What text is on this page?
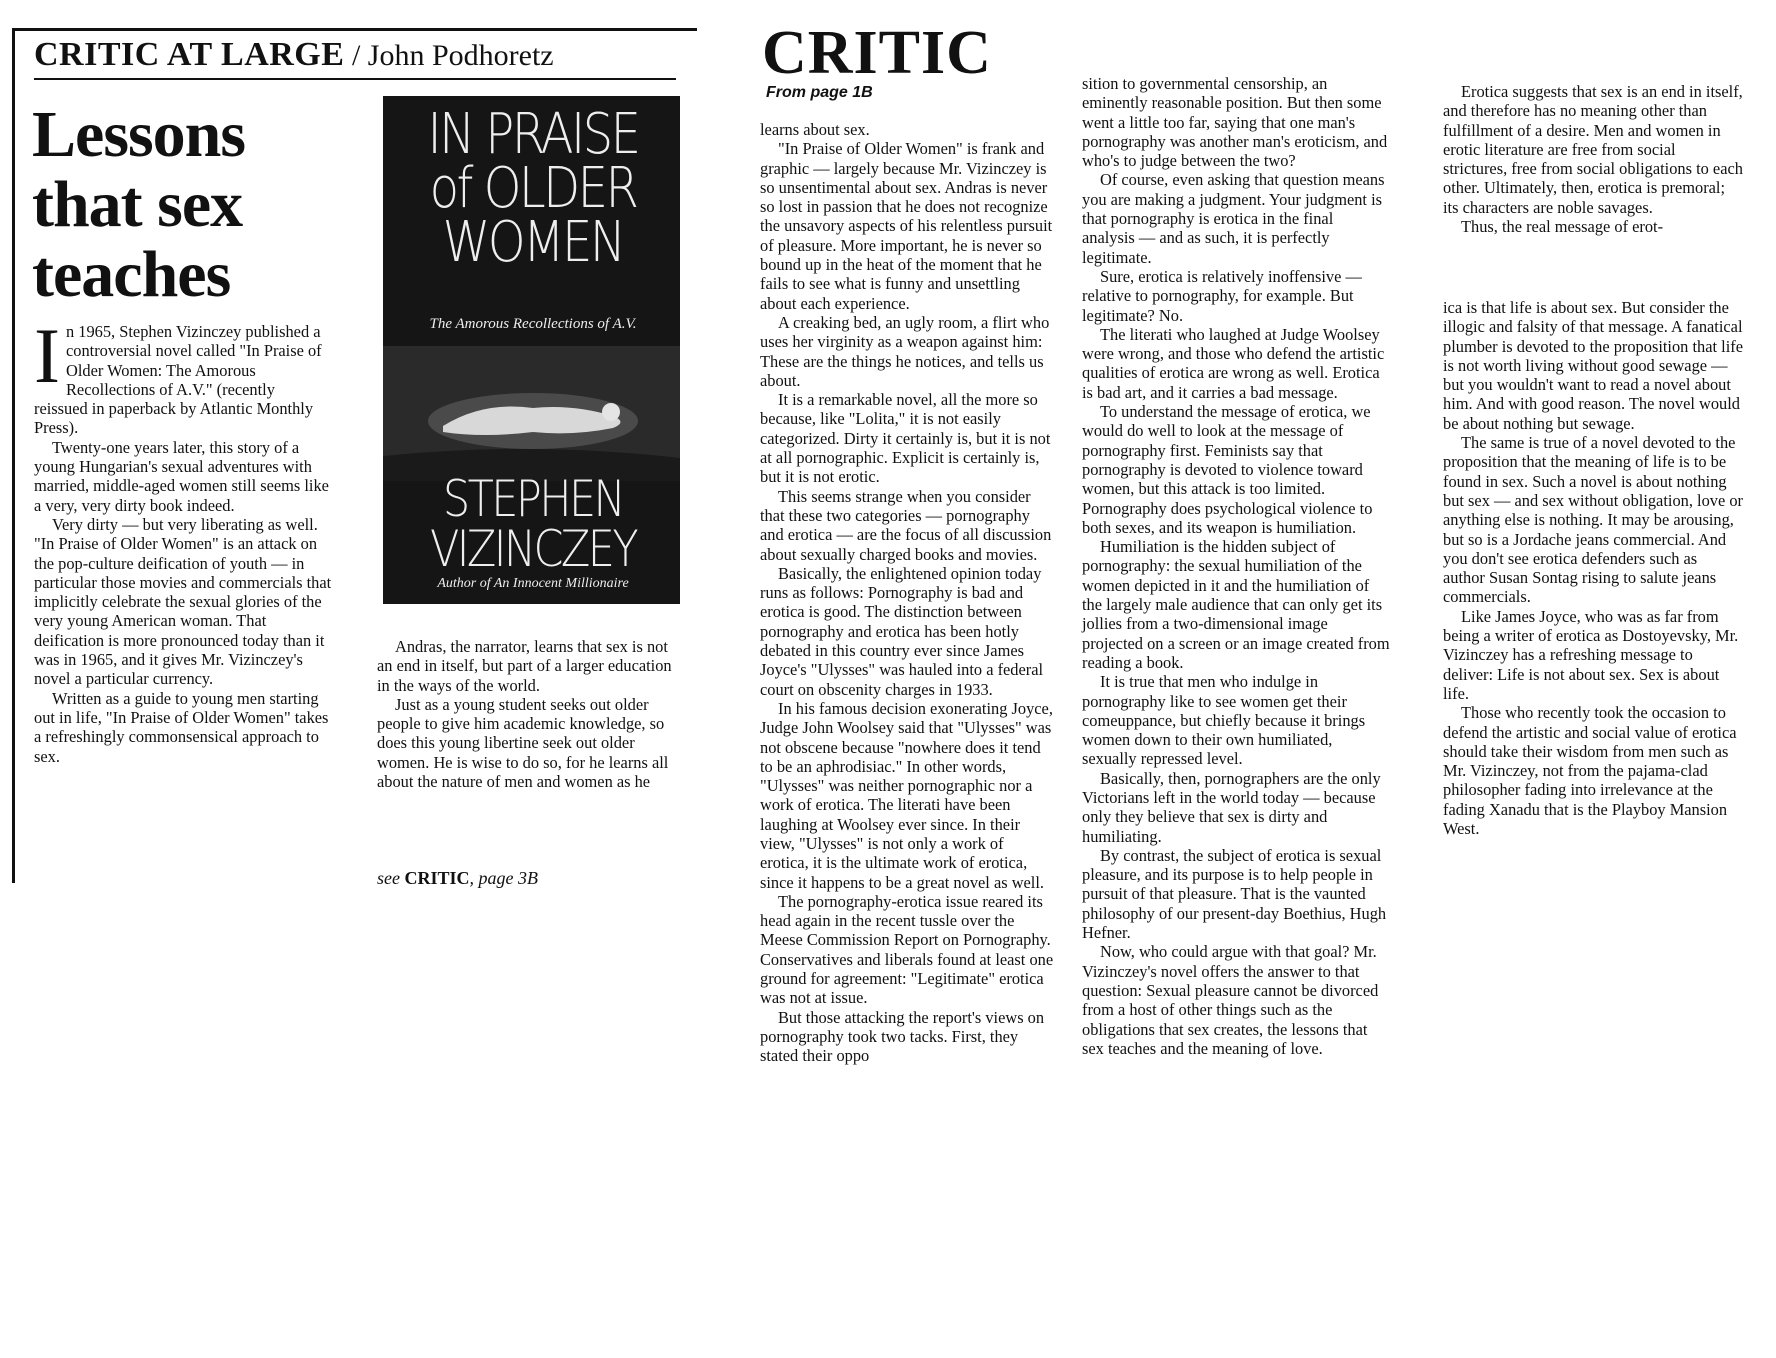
CRITIC AT LARGE / John Podhoretz
Lessons
that sex
teaches

In 1965, Stephen Vizinczey published a controversial novel called "In Praise of Older Women: The Amorous Recollections of A.V." (recently reissued in paperback by Atlantic Monthly Press).

Twenty-one years later, this story of a young Hungarian's sexual adventures with married, middle-aged women still seems like a very, very dirty book indeed.

Very dirty — but very liberating as well. "In Praise of Older Women" is an attack on the pop-culture deification of youth — in particular those movies and commercials that implicitly celebrate the sexual glories of the very young American woman. That deification is more pronounced today than it was in 1965, and it gives Mr. Vizinczey's novel a particular currency.

Written as a guide to young men starting out in life, "In Praise of Older Women" takes a refreshingly commonsensical approach to sex.

IN PRAISE
of OLDER
WOMEN
The Amorous Recollections of A.V.
STEPHEN
VIZINCZEY
Author of An Innocent Millionaire

Andras, the narrator, learns that sex is not an end in itself, but part of a larger education in the ways of the world.

Just as a young student seeks out older people to give him academic knowledge, so does this young libertine seek out older women. He is wise to do so, for he learns all about the nature of men and women as he

see CRITIC, page 3B
CRITIC
From page 1B

learns about sex.

"In Praise of Older Women" is frank and graphic — largely because Mr. Vizinczey is so unsentimental about sex. Andras is never so lost in passion that he does not recognize the unsavory aspects of his relentless pursuit of pleasure. More important, he is never so bound up in the heat of the moment that he fails to see what is funny and unsettling about each experience.

A creaking bed, an ugly room, a flirt who uses her virginity as a weapon against him: These are the things he notices, and tells us about.

It is a remarkable novel, all the more so because, like "Lolita," it is not easily categorized. Dirty it certainly is, but it is not at all pornographic. Explicit is certainly is, but it is not erotic.

This seems strange when you consider that these two categories — pornography and erotica — are the focus of all discussion about sexually charged books and movies.

Basically, the enlightened opinion today runs as follows: Pornography is bad and erotica is good. The distinction between pornography and erotica has been hotly debated in this country ever since James Joyce's "Ulysses" was hauled into a federal court on obscenity charges in 1933.

In his famous decision exonerating Joyce, Judge John Woolsey said that "Ulysses" was not obscene because "nowhere does it tend to be an aphrodisiac." In other words, "Ulysses" was neither pornographic nor a work of erotica. The literati have been laughing at Woolsey ever since. In their view, "Ulysses" is not only a work of erotica, it is the ultimate work of erotica, since it happens to be a great novel as well.

The pornography-erotica issue reared its head again in the recent tussle over the Meese Commission Report on Pornography. Conservatives and liberals found at least one ground for agreement: "Legitimate" erotica was not at issue.

But those attacking the report's views on pornography took two tacks. First, they stated their oppo

sition to governmental censorship, an eminently reasonable position. But then some went a little too far, saying that one man's pornography was another man's eroticism, and who's to judge between the two?

Of course, even asking that question means you are making a judgment. Your judgment is that pornography is erotica in the final analysis — and as such, it is perfectly legitimate.

Sure, erotica is relatively inoffensive — relative to pornography, for example. But legitimate? No.

The literati who laughed at Judge Woolsey were wrong, and those who defend the artistic qualities of erotica are wrong as well. Erotica is bad art, and it carries a bad message.

To understand the message of erotica, we would do well to look at the message of pornography first. Feminists say that pornography is devoted to violence toward women, but this attack is too limited. Pornography does psychological violence to both sexes, and its weapon is humiliation.

Humiliation is the hidden subject of pornography: the sexual humiliation of the women depicted in it and the humiliation of the largely male audience that can only get its jollies from a two-dimensional image projected on a screen or an image created from reading a book.

It is true that men who indulge in pornography like to see women get their comeuppance, but chiefly because it brings women down to their own humiliated, sexually repressed level.

Basically, then, pornographers are the only Victorians left in the world today — because only they believe that sex is dirty and humiliating.

By contrast, the subject of erotica is sexual pleasure, and its purpose is to help people in pursuit of that pleasure. That is the vaunted philosophy of our present-day Boethius, Hugh Hefner.

Now, who could argue with that goal? Mr. Vizinczey's novel offers the answer to that question: Sexual pleasure cannot be divorced from a host of other things such as the obligations that sex creates, the lessons that sex teaches and the meaning of love.

Erotica suggests that sex is an end in itself, and therefore has no meaning other than fulfillment of a desire. Men and women in erotic literature are free from social strictures, free from social obligations to each other. Ultimately, then, erotica is premoral; its characters are noble savages.

Thus, the real message of erot-

ica is that life is about sex. But consider the illogic and falsity of that message. A fanatical plumber is devoted to the proposition that life is not worth living without good sewage — but you wouldn't want to read a novel about him. And with good reason. The novel would be about nothing but sewage.

The same is true of a novel devoted to the proposition that the meaning of life is to be found in sex. Such a novel is about nothing but sex — and sex without obligation, love or anything else is nothing. It may be arousing, but so is a Jordache jeans commercial. And you don't see erotica defenders such as author Susan Sontag rising to salute jeans commercials.

Like James Joyce, who was as far from being a writer of erotica as Dostoyevsky, Mr. Vizinczey has a refreshing message to deliver: Life is not about sex. Sex is about life.

Those who recently took the occasion to defend the artistic and social value of erotica should take their wisdom from men such as Mr. Vizinczey, not from the pajama-clad philosopher fading into irrelevance at the fading Xanadu that is the Playboy Mansion West.
